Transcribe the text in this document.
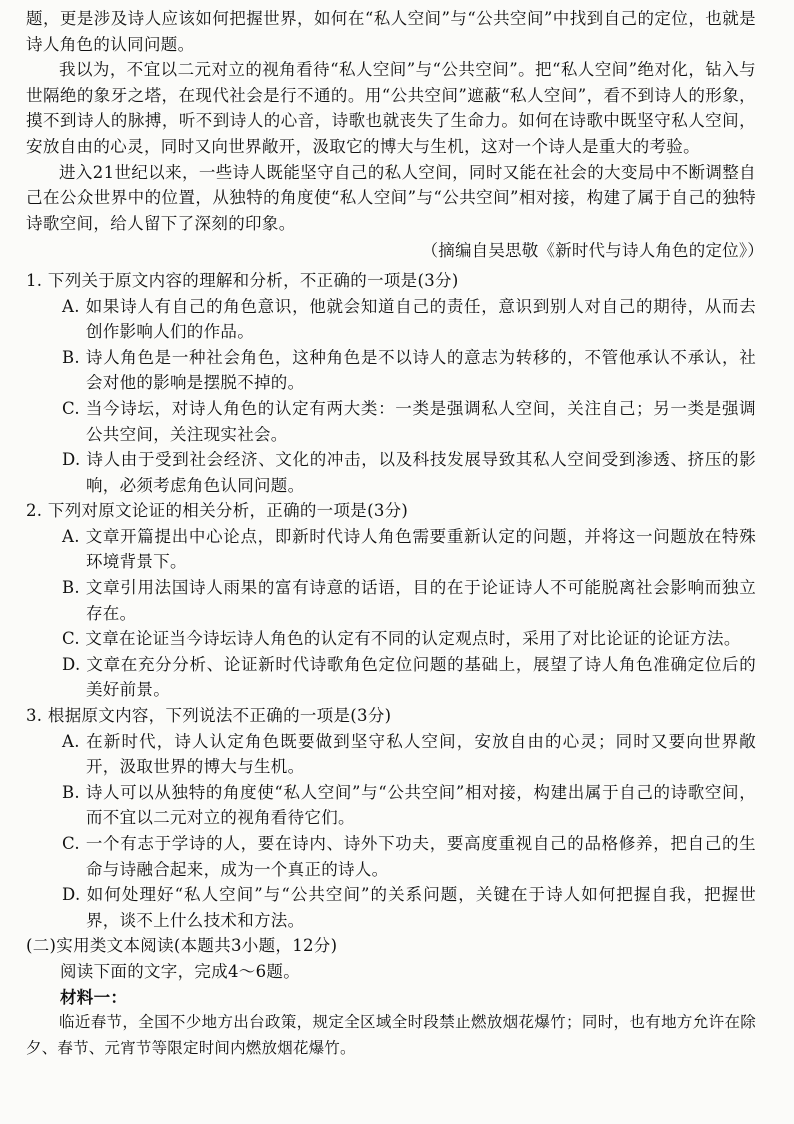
题，更是涉及诗人应该如何把握世界，如何在“私人空间”与“公共空间”中找到自己的定位，也就是诗人角色的认同问题。

我以为，不宜以二元对立的视角看待“私人空间”与“公共空间”。把“私人空间”绝对化，钻入与世隔绝的象牙之塔，在现代社会是行不通的。用“公共空间”遮蔽“私人空间”，看不到诗人的形象，摸不到诗人的脉搏，听不到诗人的心音，诗歌也就丧失了生命力。如何在诗歌中既坚守私人空间，安放自由的心灵，同时又向世界敞开，汲取它的博大与生机，这对一个诗人是重大的考验。

进入21世纪以来，一些诗人既能坚守自己的私人空间，同时又能在社会的大变局中不断调整自己在公众世界中的位置，从独特的角度使“私人空间”与“公共空间”相对接，构建了属于自己的独特诗歌空间，给人留下了深刻的印象。

（摘编自吴思敬《新时代与诗人角色的定位》）

1. 下列关于原文内容的理解和分析，不正确的一项是(3分)

A. 如果诗人有自己的角色意识，他就会知道自己的责任，意识到别人对自己的期待，从而去创作影响人们的作品。

B. 诗人角色是一种社会角色，这种角色是不以诗人的意志为转移的，不管他承认不承认，社会对他的影响是摆脱不掉的。

C. 当今诗坛，对诗人角色的认定有两大类：一类是强调私人空间，关注自己；另一类是强调公共空间，关注现实社会。

D. 诗人由于受到社会经济、文化的冲击，以及科技发展导致其私人空间受到渗透、挤压的影响，必须考虑角色认同问题。

2. 下列对原文论证的相关分析，正确的一项是(3分)

A. 文章开篇提出中心论点，即新时代诗人角色需要重新认定的问题，并将这一问题放在特殊环境背景下。

B. 文章引用法国诗人雨果的富有诗意的话语，目的在于论证诗人不可能脱离社会影响而独立存在。

C. 文章在论证当今诗坛诗人角色的认定有不同的认定观点时，采用了对比论证的论证方法。

D. 文章在充分分析、论证新时代诗歌角色定位问题的基础上，展望了诗人角色准确定位后的美好前景。

3. 根据原文内容，下列说法不正确的一项是(3分)

A. 在新时代，诗人认定角色既要做到坚守私人空间，安放自由的心灵；同时又要向世界敞开，汲取世界的博大与生机。

B. 诗人可以从独特的角度使“私人空间”与“公共空间”相对接，构建出属于自己的诗歌空间，而不宜以二元对立的视角看待它们。

C. 一个有志于学诗的人，要在诗内、诗外下功夫，要高度重视自己的品格修养，把自己的生命与诗融合起来，成为一个真正的诗人。

D. 如何处理好“私人空间”与“公共空间”的关系问题，关键在于诗人如何把握自我，把握世界，谈不上什么技术和方法。

(二)实用类文本阅读(本题共3小题，12分)

阅读下面的文字，完成4～6题。

材料一：

临近春节，全国不少地方出台政策，规定全区域全时段禁止燃放烟花爆竹；同时，也有地方允许在除夕、春节、元宵节等限定时间内燃放烟花爆竹。
